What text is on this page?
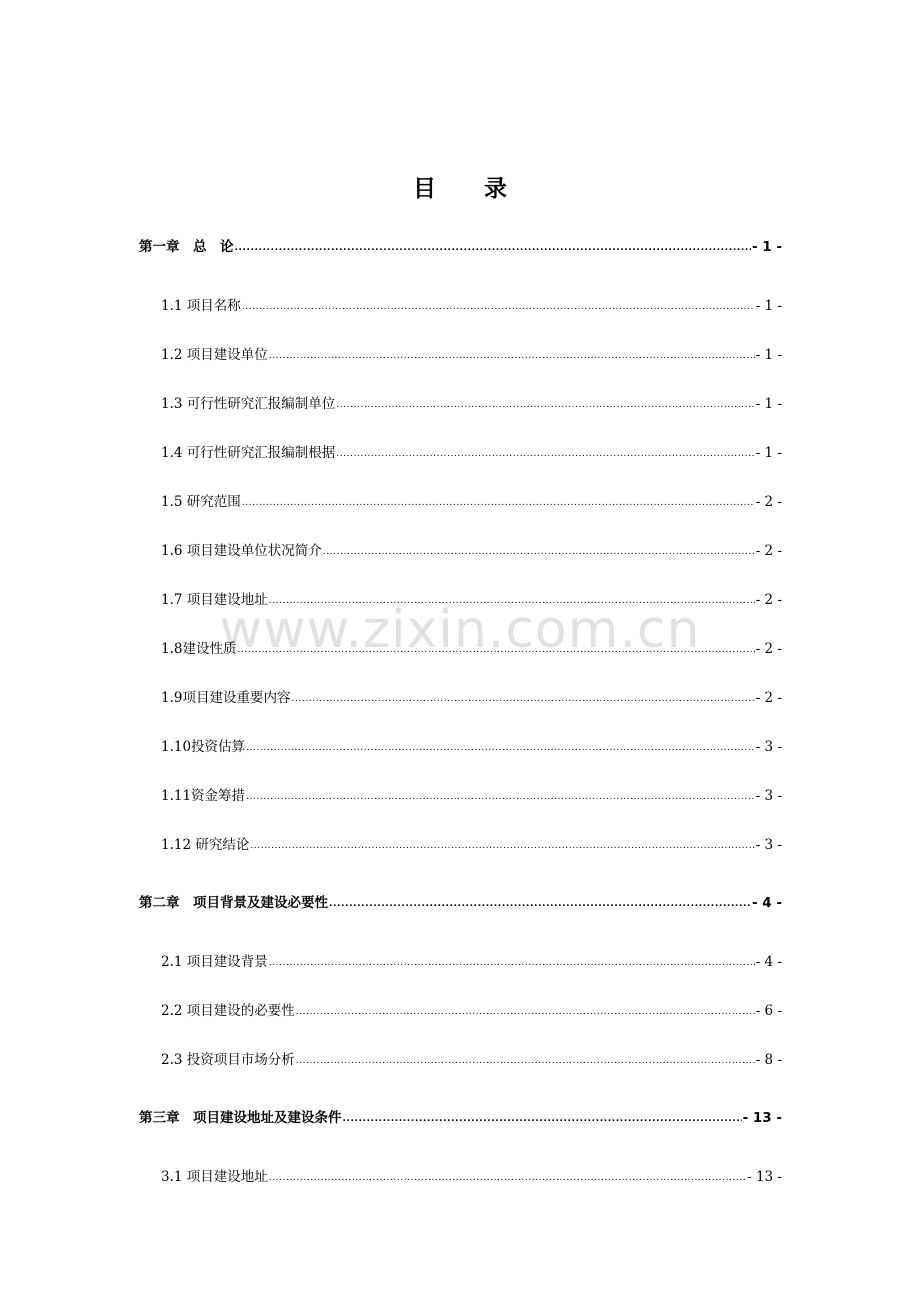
目 录
www.zixin.com.cn
第一章　总　论 .....	- 1 -
1.1 项目名称 .....	- 1 -
1.2 项目建设单位 .....	- 1 -
1.3 可行性研究汇报编制单位 .....	- 1 -
1.4 可行性研究汇报编制根据 .....	- 1 -
1.5 研究范围 .....	- 2 -
1.6 项目建设单位状况简介 .....	- 2 -
1.7 项目建设地址 .....	- 2 -
1.8建设性质 .....	- 2 -
1.9项目建设重要内容 .....	- 2 -
1.10投资估算 .....	- 3 -
1.11资金筹措 .....	- 3 -
1.12 研究结论 .....	- 3 -
第二章　项目背景及建设必要性 .....	- 4 -
2.1 项目建设背景 .....	- 4 -
2.2 项目建设的必要性 .....	- 6 -
2.3 投资项目市场分析 .....	- 8 -
第三章　项目建设地址及建设条件 .....	- 13 -
3.1 项目建设地址 .....	- 13 -
